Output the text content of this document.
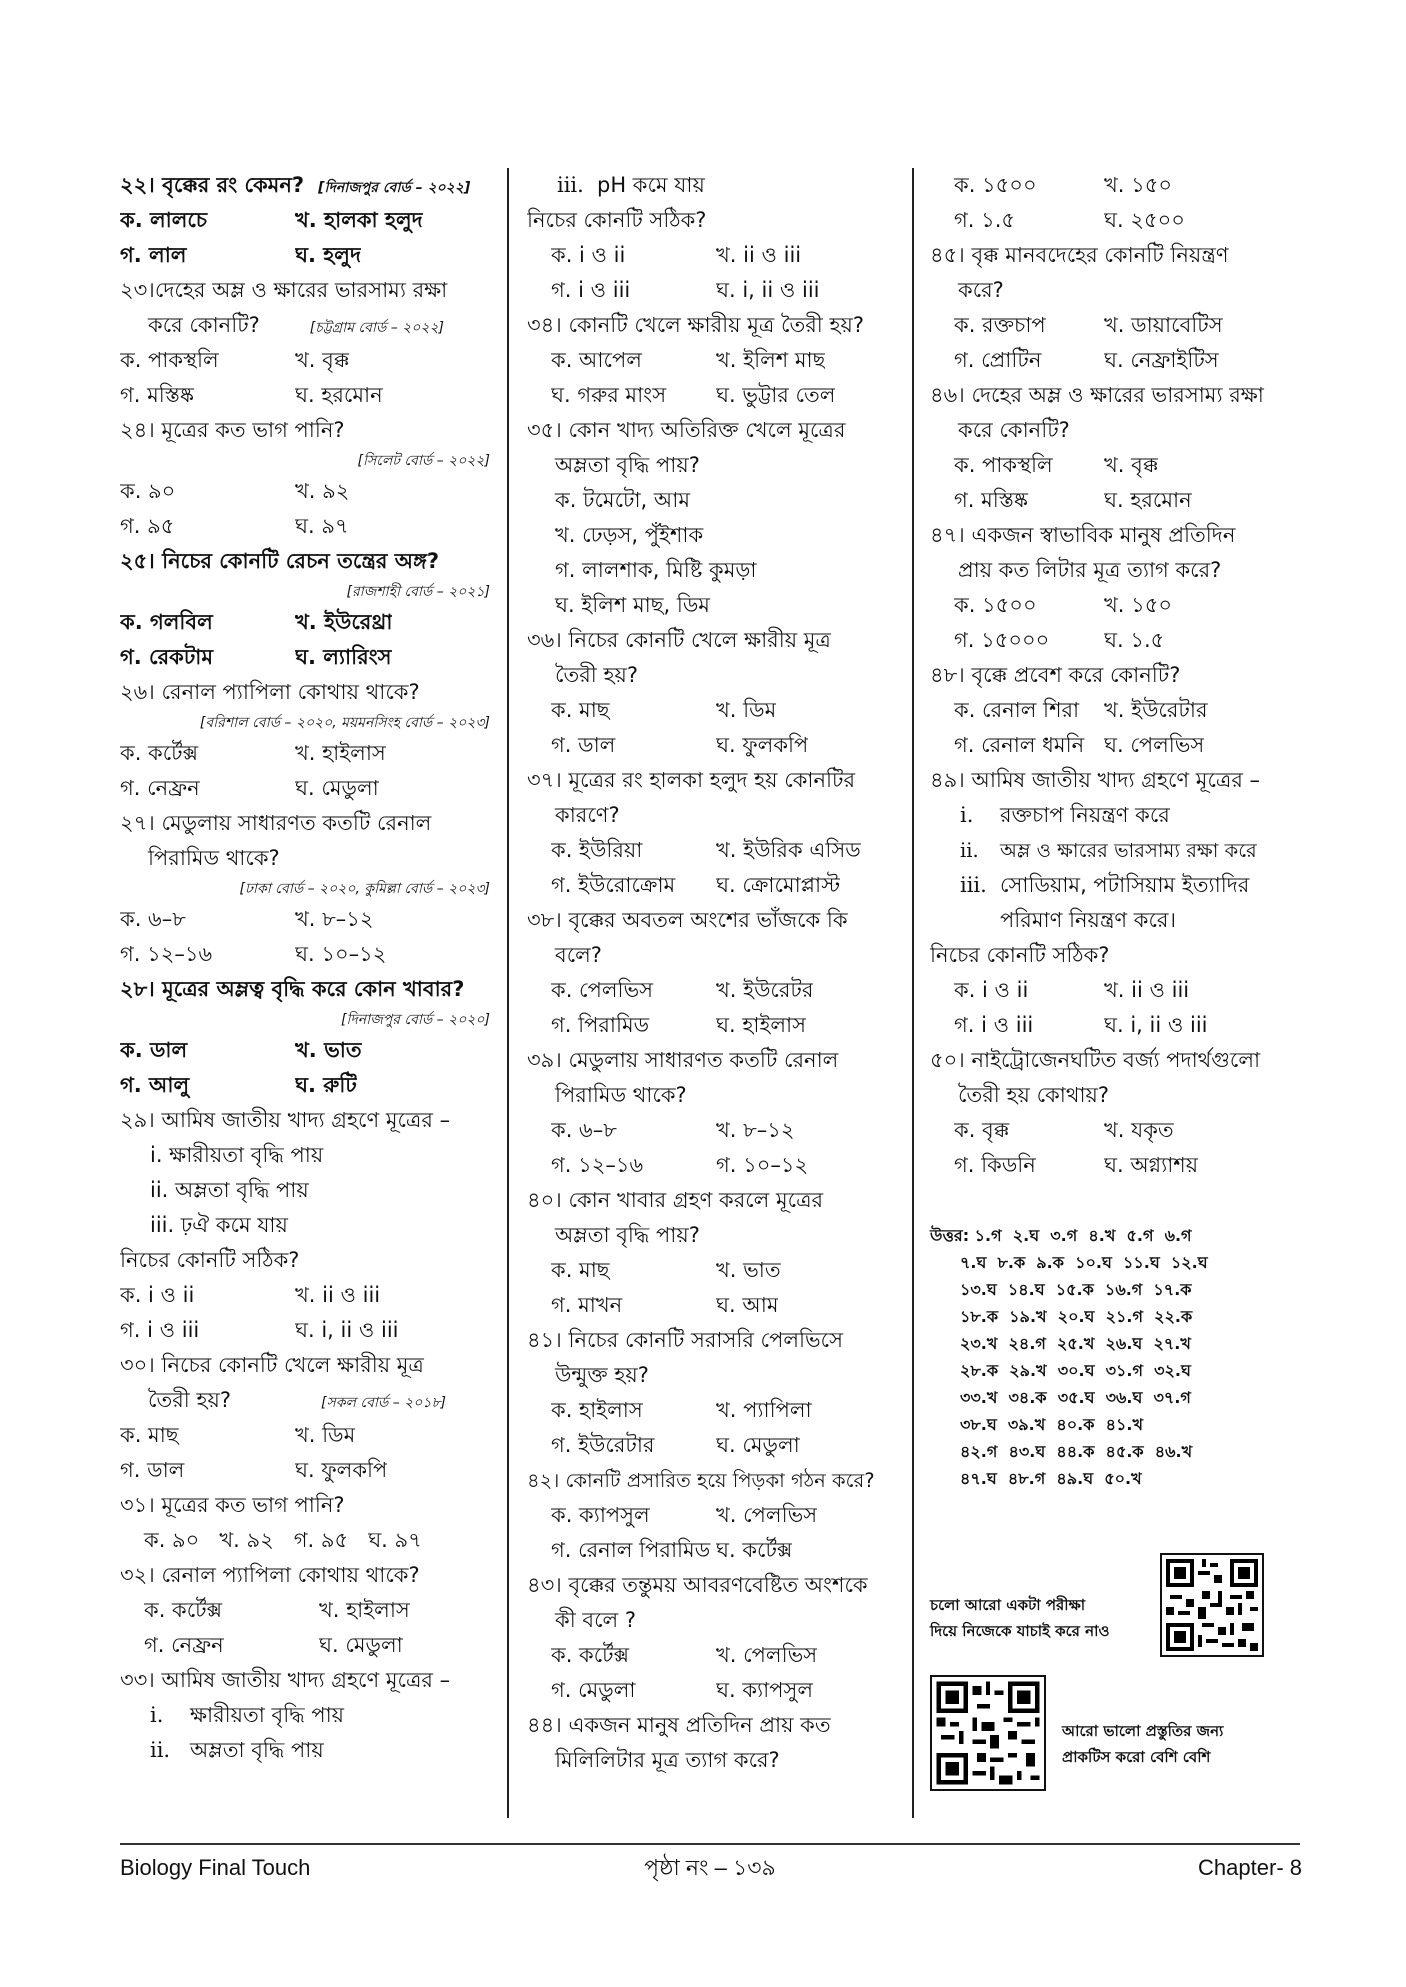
২২। বৃক্কের রং কেমন? [দিনাজপুর বোর্ড – ২০২২]
ক. লালচে	খ. হালকা হলুদ
গ. লাল	ঘ. হলুদ
২৩।দেহের অম্ল ও ক্ষারের ভারসাম্য রক্ষা
করে কোনটি?	[চট্টগ্রাম বোর্ড – ২০২২]
ক. পাকস্থলি	খ. বৃক্ক
গ. মস্তিষ্ক	ঘ. হরমোন
২৪। মূত্রের কত ভাগ পানি?
[সিলেট বোর্ড – ২০২২]
ক. ৯০	খ. ৯২
গ. ৯৫	ঘ. ৯৭
২৫। নিচের কোনটি রেচন তন্ত্রের অঙ্গ?
[রাজশাহী বোর্ড – ২০২১]
ক. গলবিল	খ. ইউরেথ্রা
গ. রেকটাম	ঘ. ল্যারিংস
২৬। রেনাল প্যাপিলা কোথায় থাকে?
[বরিশাল বোর্ড – ২০২০, ময়মনসিংহ বোর্ড – ২০২৩]
ক. কর্টেক্স	খ. হাইলাস
গ. নেফ্রন	ঘ. মেডুলা
২৭। মেডুলায় সাধারণত কতটি রেনাল
পিরামিড থাকে?
[ঢাকা বোর্ড – ২০২০, কুমিল্লা বোর্ড – ২০২৩]
ক. ৬–৮	খ. ৮–১২
গ. ১২–১৬	ঘ. ১০–১২
২৮। মূত্রের অম্লত্ব বৃদ্ধি করে কোন খাবার?
[দিনাজপুর বোর্ড – ২০২০]
ক. ডাল	খ. ভাত
গ. আলু	ঘ. রুটি
২৯। আমিষ জাতীয় খাদ্য গ্রহণে মূত্রের –
i. ক্ষারীয়তা বৃদ্ধি পায়
ii. অম্লতা বৃদ্ধি পায়
iii. ঢ়ঐ কমে যায়
নিচের কোনটি সঠিক?
ক. i ও ii	খ. ii ও iii
গ. i ও iii	ঘ. i, ii ও iii
৩০। নিচের কোনটি খেলে ক্ষারীয় মূত্র
তৈরী হয়?	[সকল বোর্ড – ২০১৮]
ক. মাছ	খ. ডিম
গ. ডাল	ঘ. ফুলকপি
৩১। মূত্রের কত ভাগ পানি?
ক. ৯০   খ. ৯২   গ. ৯৫   ঘ. ৯৭
৩২। রেনাল প্যাপিলা কোথায় থাকে?
ক. কর্টেক্স	খ. হাইলাস
গ. নেফ্রন	ঘ. মেডুলা
৩৩। আমিষ জাতীয় খাদ্য গ্রহণে মূত্রের –
i. ক্ষারীয়তা বৃদ্ধি পায়
ii. অম্লতা বৃদ্ধি পায়
iii. pH কমে যায়
নিচের কোনটি সঠিক?
ক. i ও ii	খ. ii ও iii
গ. i ও iii	ঘ. i, ii ও iii
৩৪। কোনটি খেলে ক্ষারীয় মূত্র তৈরী হয়?
ক. আপেল	খ. ইলিশ মাছ
ঘ. গরুর মাংস	ঘ. ভুট্টার তেল
৩৫। কোন খাদ্য অতিরিক্ত খেলে মূত্রের
অম্লতা বৃদ্ধি পায়?
ক. টমেটো, আম
খ. ঢেড়স, পুঁইশাক
গ. লালশাক, মিষ্টি কুমড়া
ঘ. ইলিশ মাছ, ডিম
৩৬। নিচের কোনটি খেলে ক্ষারীয় মূত্র
তৈরী হয়?
ক. মাছ	খ. ডিম
গ. ডাল	ঘ. ফুলকপি
৩৭। মূত্রের রং হালকা হলুদ হয় কোনটির
কারণে?
ক. ইউরিয়া	খ. ইউরিক এসিড
গ. ইউরোক্রোম	ঘ. ক্রোমোপ্লাস্ট
৩৮। বৃক্কের অবতল অংশের ভাঁজকে কি
বলে?
ক. পেলভিস	খ. ইউরেটর
গ. পিরামিড	ঘ. হাইলাস
৩৯। মেডুলায় সাধারণত কতটি রেনাল
পিরামিড থাকে?
ক. ৬–৮	খ. ৮–১২
গ. ১২–১৬	গ. ১০–১২
৪০। কোন খাবার গ্রহণ করলে মূত্রের
অম্লতা বৃদ্ধি পায়?
ক. মাছ	খ. ভাত
গ. মাখন	ঘ. আম
৪১। নিচের কোনটি সরাসরি পেলভিসে
উন্মুক্ত হয়?
ক. হাইলাস	খ. প্যাপিলা
গ. ইউরেটার	ঘ. মেডুলা
৪২। কোনটি প্রসারিত হয়ে পিড়কা গঠন করে?
ক. ক্যাপসুল	খ. পেলভিস
গ. রেনাল পিরামিড ঘ. কর্টেক্স
৪৩। বৃক্কের তন্তুময় আবরণবেষ্টিত অংশকে
কী বলে ?
ক. কর্টেক্স	খ. পেলভিস
গ. মেডুলা	ঘ. ক্যাপসুল
৪৪। একজন মানুষ প্রতিদিন প্রায় কত
মিলিলিটার মূত্র ত্যাগ করে?
ক. ১৫০০	খ. ১৫০
গ. ১.৫	ঘ. ২৫০০
৪৫। বৃক্ক মানবদেহের কোনটি নিয়ন্ত্রণ
করে?
ক. রক্তচাপ	খ. ডায়াবেটিস
গ. প্রোটিন	ঘ. নেফ্রাইটিস
৪৬। দেহের অম্ল ও ক্ষারের ভারসাম্য রক্ষা
করে কোনটি?
ক. পাকস্থলি	খ. বৃক্ক
গ. মস্তিষ্ক	ঘ. হরমোন
৪৭। একজন স্বাভাবিক মানুষ প্রতিদিন
প্রায় কত লিটার মূত্র ত্যাগ করে?
ক. ১৫০০	খ. ১৫০
গ. ১৫০০০	ঘ. ১.৫
৪৮। বৃক্কে প্রবেশ করে কোনটি?
ক. রেনাল শিরা	খ. ইউরেটার
গ. রেনাল ধমনি ঘ. পেলভিস
৪৯। আমিষ জাতীয় খাদ্য গ্রহণে মূত্রের –
i. রক্তচাপ নিয়ন্ত্রণ করে
ii. অম্ল ও ক্ষারের ভারসাম্য রক্ষা করে
iii. সোডিয়াম, পটাসিয়াম ইত্যাদির
পরিমাণ নিয়ন্ত্রণ করে।
নিচের কোনটি সঠিক?
ক. i ও ii	খ. ii ও iii
গ. i ও iii	ঘ. i, ii ও iii
৫০। নাইট্রোজেনঘটিত বর্জ্য পদার্থগুলো
তৈরী হয় কোথায়?
ক. বৃক্ক	খ. যকৃত
গ. কিডনি	ঘ. অগ্ন্যাশয়
উত্তর: ১.গ  ২.ঘ  ৩.গ  ৪.খ  ৫.গ  ৬.গ
৭.ঘ  ৮.ক  ৯.ক  ১০.ঘ  ১১.ঘ  ১২.ঘ
১৩.ঘ  ১৪.ঘ  ১৫.ক  ১৬.গ  ১৭.ক
১৮.ক  ১৯.খ  ২০.ঘ  ২১.গ  ২২.ক
২৩.খ  ২৪.গ  ২৫.খ  ২৬.ঘ  ২৭.খ
২৮.ক  ২৯.খ  ৩০.ঘ  ৩১.গ  ৩২.ঘ
৩৩.খ  ৩৪.ক  ৩৫.ঘ  ৩৬.ঘ  ৩৭.গ
৩৮.ঘ  ৩৯.খ  ৪০.ক  ৪১.খ
৪২.গ  ৪৩.ঘ  ৪৪.ক  ৪৫.ক  ৪৬.খ
৪৭.ঘ  ৪৮.গ  ৪৯.ঘ  ৫০.খ
চলো আরো একটা পরীক্ষা
দিয়ে নিজেকে যাচাই করে নাও
আরো ভালো প্রস্তুতির জন্য
প্রাকটিস করো বেশি বেশি
Biology Final Touch	পৃষ্ঠা নং – ১৩৯	Chapter- 8
